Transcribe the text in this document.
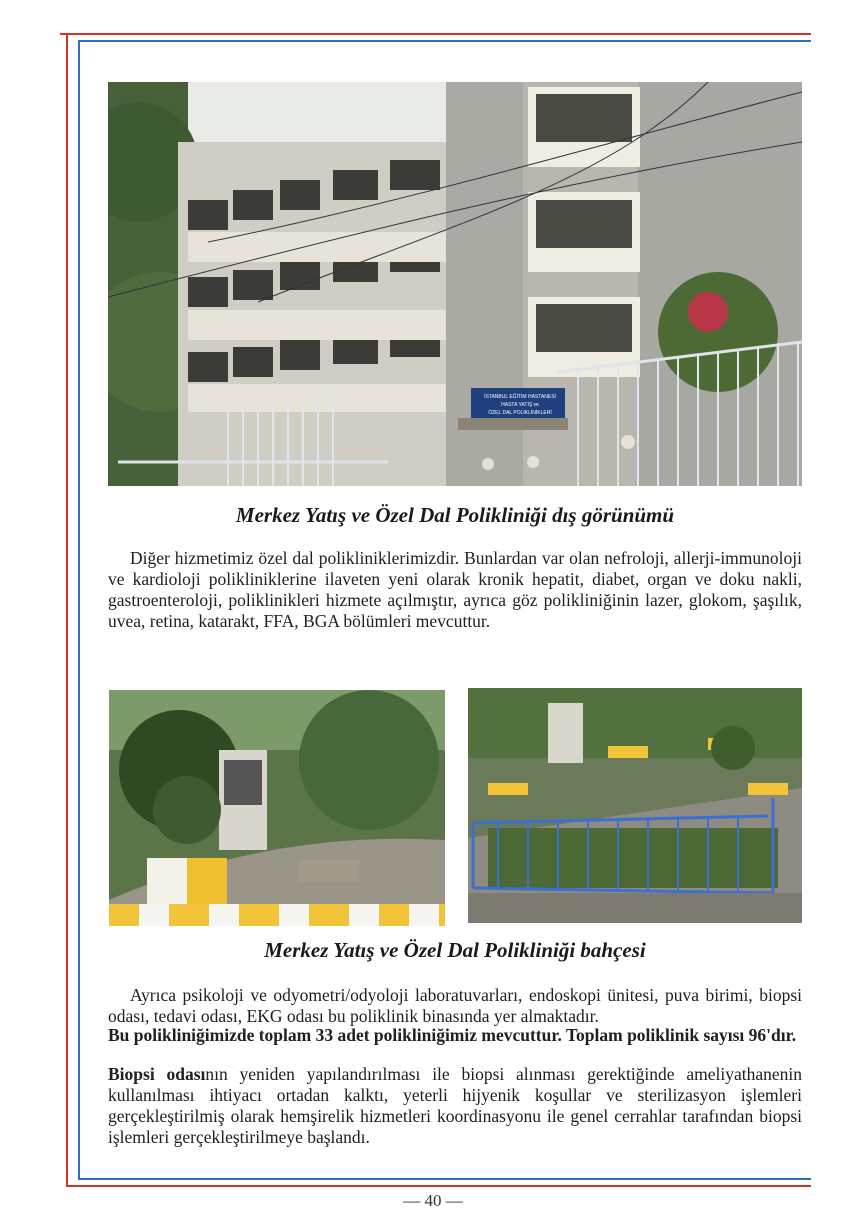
İSTANBUL EĞİTİM HASTANESİ
HASTA YATIŞ ve
ÖZEL DAL POLİKLİNİKLERİ
Merkez Yatış ve Özel Dal Polikliniği dış görünümü

Diğer hizmetimiz özel dal polikliniklerimizdir. Bunlardan var olan nefroloji, allerji-immunoloji ve kardioloji polikliniklerine ilaveten yeni olarak kronik hepatit, diabet, organ ve doku nakli, gastroenteroloji, poliklinikleri hizmete açılmıştır, ayrıca göz polikliniğinin lazer, glokom, şaşılık, uvea, retina, katarakt, FFA, BGA bölümleri mevcuttur.

Merkez Yatış ve Özel Dal Polikliniği bahçesi

Ayrıca psikoloji ve odyometri/odyoloji laboratuvarları, endoskopi ünitesi, puva birimi, biopsi odası, tedavi odası, EKG odası bu poliklinik binasında yer almaktadır.

Bu polikliniğimizde toplam 33 adet polikliniğimiz mevcuttur. Toplam poliklinik sayısı 96'dır.

Biopsi odasının yeniden yapılandırılması ile biopsi alınması gerektiğinde ameliyathanenin kullanılması ihtiyacı ortadan kalktı, yeterli hijyenik koşullar ve sterilizasyon işlemleri gerçekleştirilmiş olarak hemşirelik hizmetleri koordinasyonu ile genel cerrahlar tarafından biopsi işlemleri gerçekleştirilmeye başlandı.

— 40 —
